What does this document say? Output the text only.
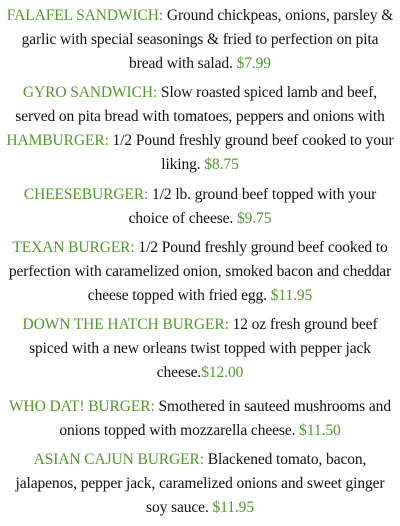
FALAFEL SANDWICH: Ground chickpeas, onions, parsley & garlic with special seasonings & fried to perfection on pita bread with salad. $7.99

GYRO SANDWICH: Slow roasted spiced lamb and beef, served on pita bread with tomatoes, peppers and onions with

HAMBURGER: 1/2 Pound freshly ground beef cooked to your liking. $8.75

CHEESEBURGER: 1/2 lb. ground beef topped with your choice of cheese. $9.75

TEXAN BURGER: 1/2 Pound freshly ground beef cooked to perfection with caramelized onion, smoked bacon and cheddar cheese topped with fried egg. $11.95

DOWN THE HATCH BURGER: 12 oz fresh ground beef spiced with a new orleans twist topped with pepper jack cheese.$12.00

WHO DAT! BURGER: Smothered in sauteed mushrooms and onions topped with mozzarella cheese. $11.50

ASIAN CAJUN BURGER: Blackened tomato, bacon, jalapenos, pepper jack, caramelized onions and sweet ginger soy sauce. $11.95
